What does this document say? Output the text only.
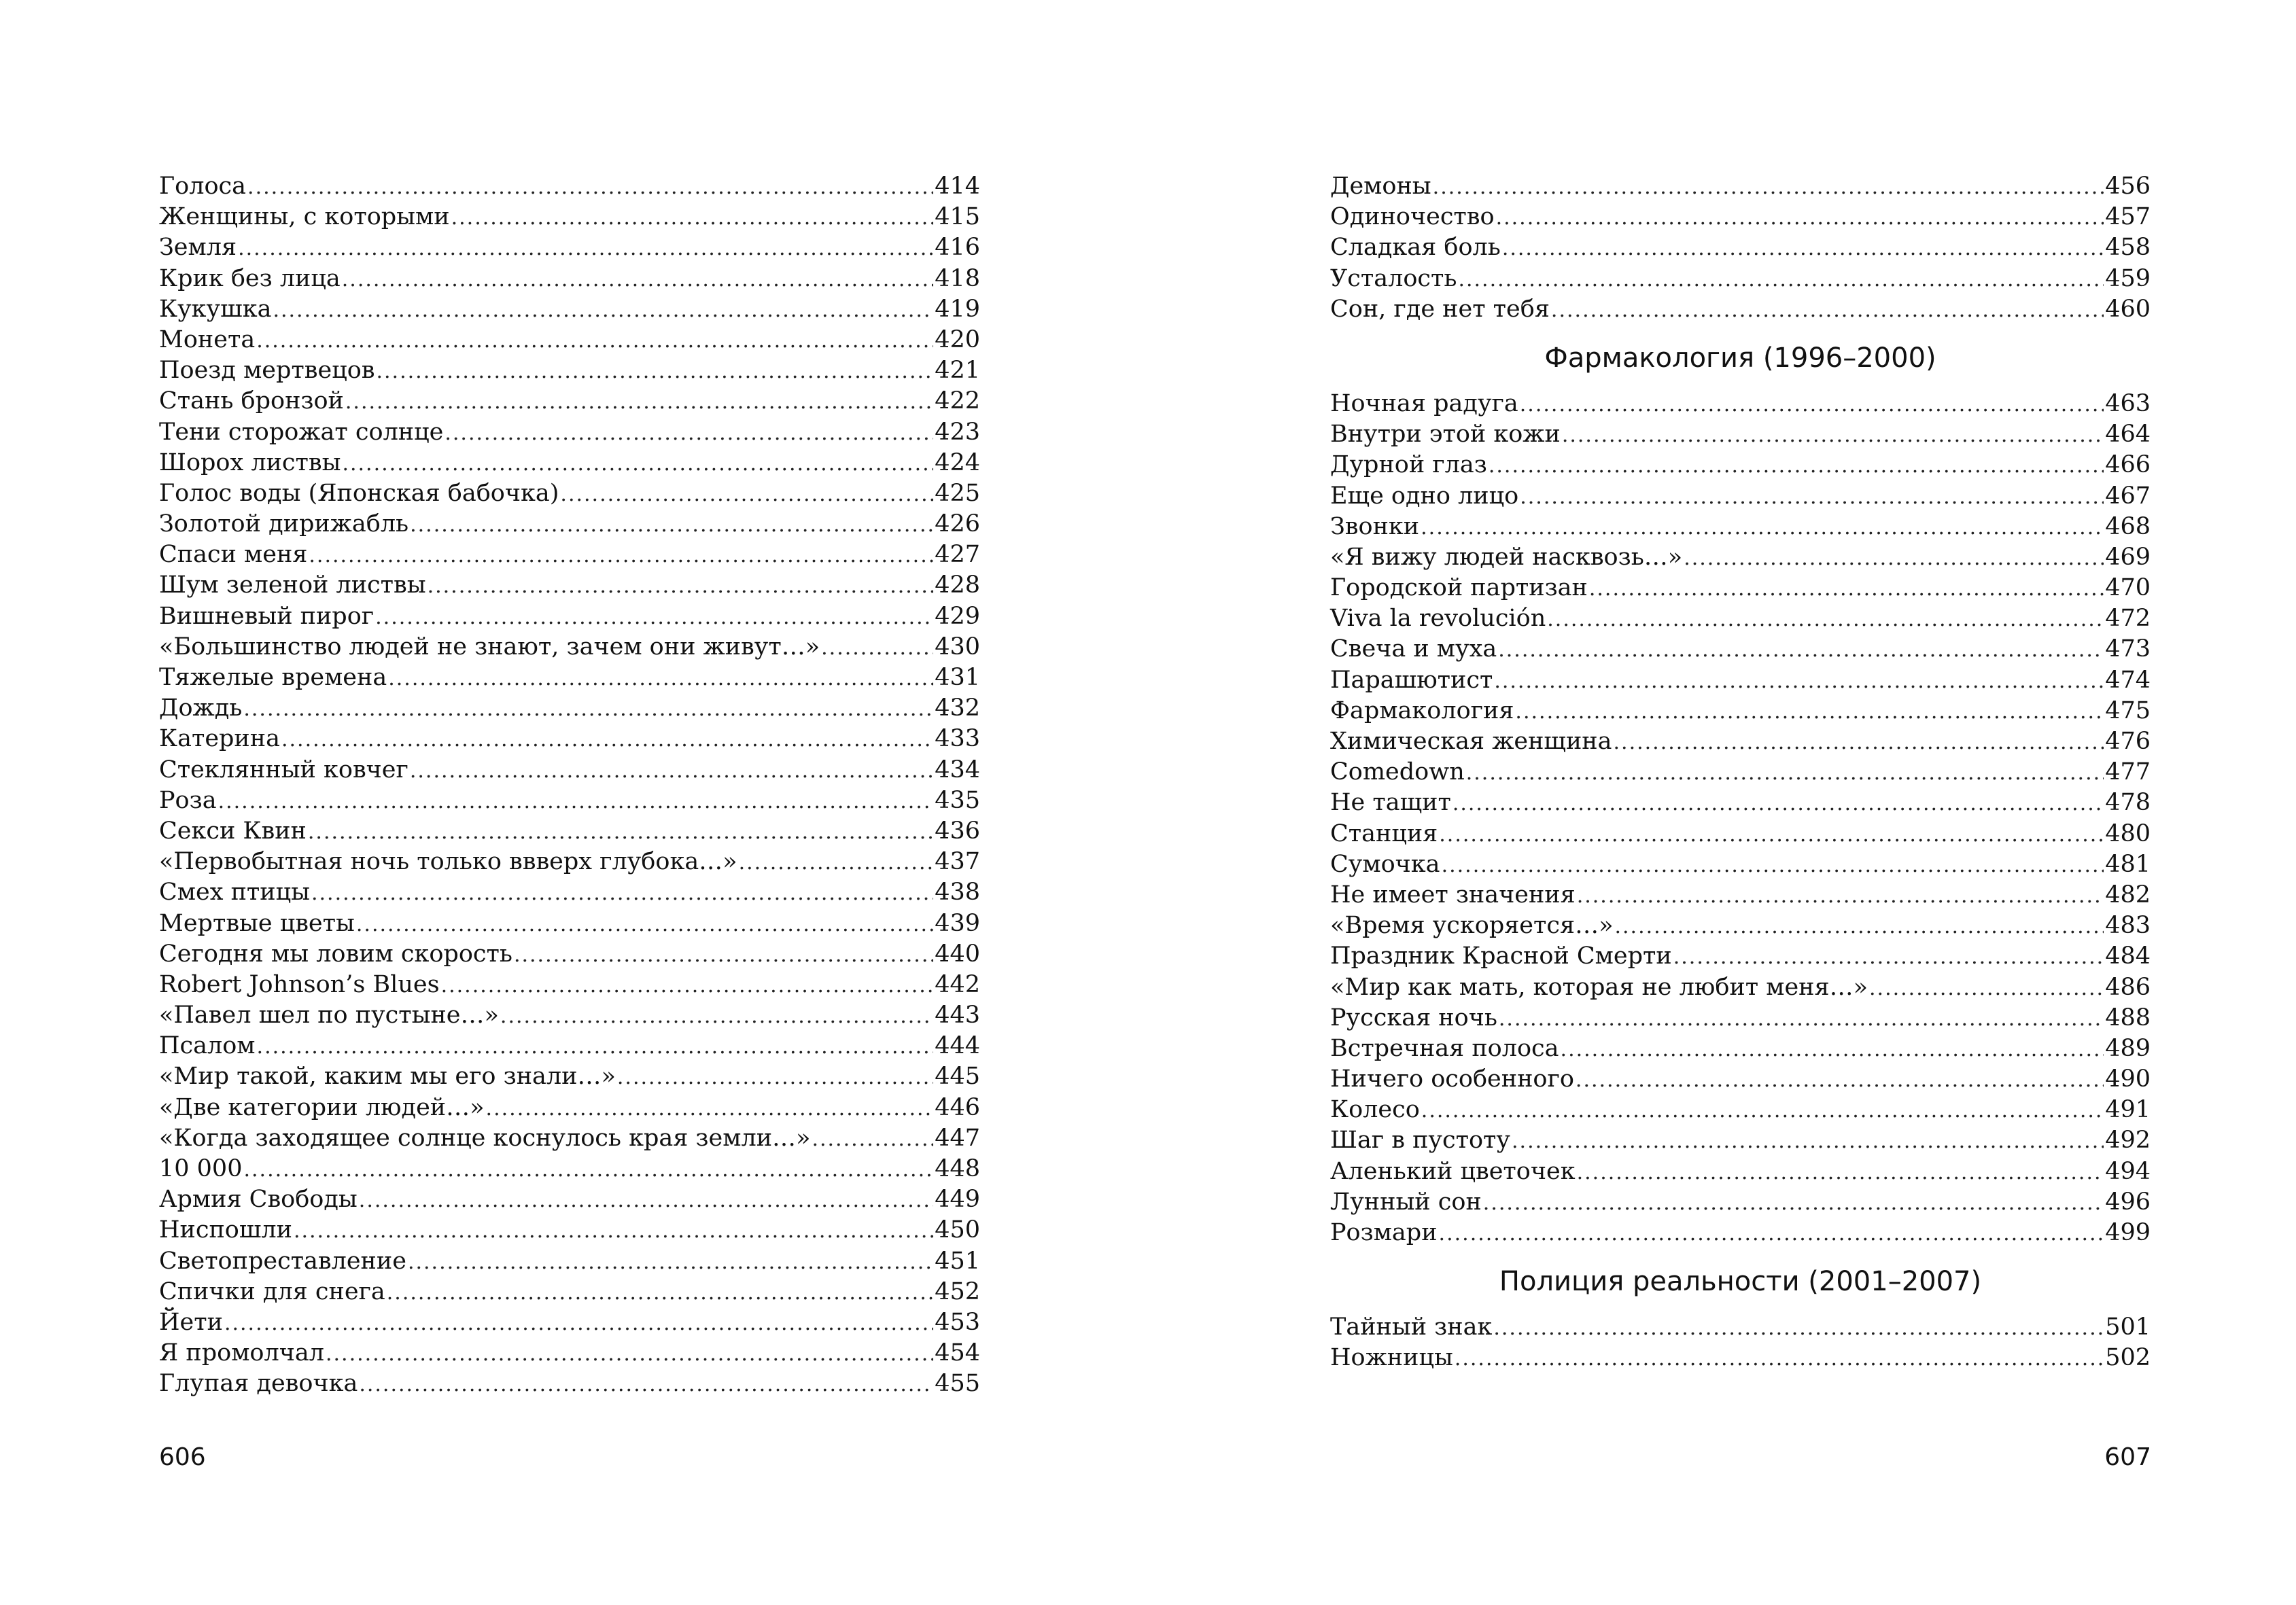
Голоса .....	414
Женщины, с которыми .....	415
Земля .....	416
Крик без лица .....	418
Кукушка .....	419
Монета .....	420
Поезд мертвецов .....	421
Стань бронзой .....	422
Тени сторожат солнце .....	423
Шорох листвы .....	424
Голос воды (Японская бабочка) .....	425
Золотой дирижабль .....	426
Спаси меня .....	427
Шум зеленой листвы .....	428
Вишневый пирог .....	429
«Большинство людей не знают, зачем они живут…» .....	430
Тяжелые времена .....	431
Дождь .....	432
Катерина .....	433
Стеклянный ковчег .....	434
Роза .....	435
Секси Квин .....	436
«Первобытная ночь только ввверх глубока…» .....	437
Смех птицы .....	438
Мертвые цветы .....	439
Сегодня мы ловим скорость .....	440
Robert Johnson’s Blues .....	442
«Павел шел по пустыне…» .....	443
Псалом .....	444
«Мир такой, каким мы его знали…» .....	445
«Две категории людей…» .....	446
«Когда заходящее солнце коснулось края земли…» .....	447
10 000 .....	448
Армия Свободы .....	449
Ниспошли .....	450
Светопреставление .....	451
Спички для снега .....	452
Йети .....	453
Я промолчал .....	454
Глупая девочка .....	455
606
Демоны .....	456
Одиночество .....	457
Сладкая боль .....	458
Усталость .....	459
Сон, где нет тебя .....	460
Фармакология (1996–2000)
Ночная радуга .....	463
Внутри этой кожи .....	464
Дурной глаз .....	466
Еще одно лицо .....	467
Звонки .....	468
«Я вижу людей насквозь…» .....	469
Городской партизан .....	470
Viva la revolución .....	472
Свеча и муха .....	473
Парашютист .....	474
Фармакология .....	475
Химическая женщина .....	476
Comedown .....	477
Не тащит .....	478
Станция .....	480
Сумочка .....	481
Не имеет значения .....	482
«Время ускоряется…» .....	483
Праздник Красной Смерти .....	484
«Мир как мать, которая не любит меня…» .....	486
Русская ночь .....	488
Встречная полоса .....	489
Ничего особенного .....	490
Колесо .....	491
Шаг в пустоту .....	492
Аленький цветочек .....	494
Лунный сон .....	496
Розмари .....	499
Полиция реальности (2001–2007)
Тайный знак .....	501
Ножницы .....	502
607
